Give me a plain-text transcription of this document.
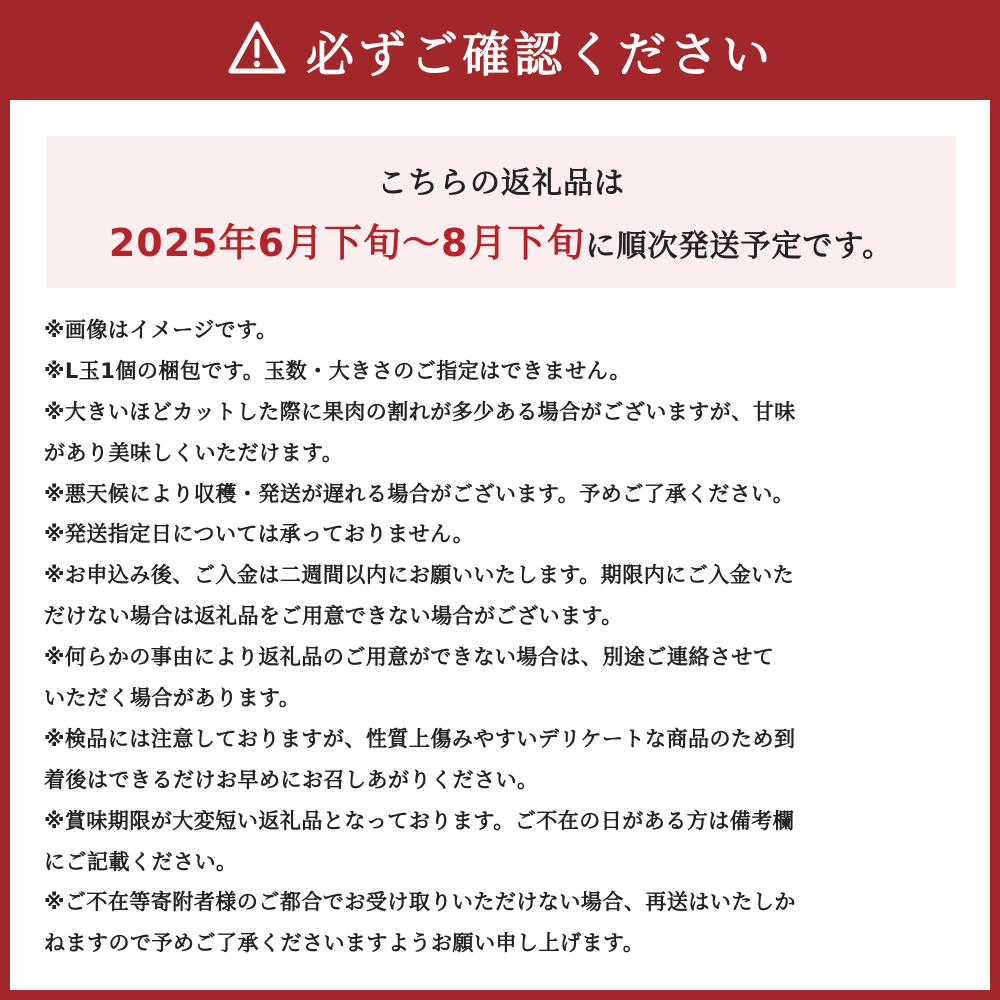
必ずご確認ください
こちらの返礼品は
2025年6月下旬～8月下旬に順次発送予定です。
※画像はイメージです。
※L玉1個の梱包です。玉数・大きさのご指定はできません。
※大きいほどカットした際に果肉の割れが多少ある場合がございますが、甘味
があり美味しくいただけます。
※悪天候により収穫・発送が遅れる場合がございます。予めご了承ください。
※発送指定日については承っておりません。
※お申込み後、ご入金は二週間以内にお願いいたします。期限内にご入金いた
だけない場合は返礼品をご用意できない場合がございます。
※何らかの事由により返礼品のご用意ができない場合は、別途ご連絡させて
いただく場合があります。
※検品には注意しておりますが、性質上傷みやすいデリケートな商品のため到
着後はできるだけお早めにお召しあがりください。
※賞味期限が大変短い返礼品となっております。ご不在の日がある方は備考欄
にご記載ください。
※ご不在等寄附者様のご都合でお受け取りいただけない場合、再送はいたしか
ねますので予めご了承くださいますようお願い申し上げます。
